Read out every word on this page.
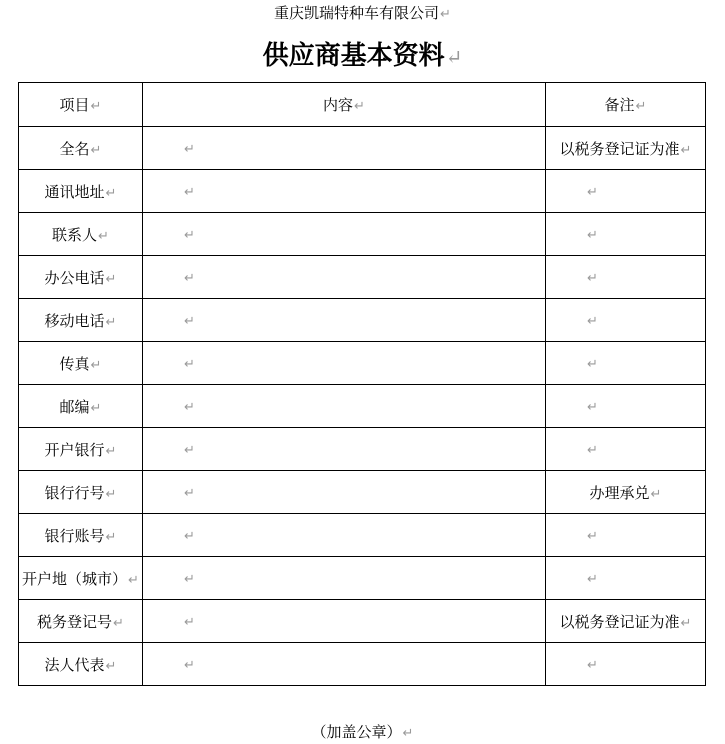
重庆凯瑞特种车有限公司↵
供应商基本资料↵
项目↵	内容↵	备注↵
全名↵	↵	以税务登记证为准↵
通讯地址↵	↵	↵
联系人↵	↵	↵
办公电话↵	↵	↵
移动电话↵	↵	↵
传真↵	↵	↵
邮编↵	↵	↵
开户银行↵	↵	↵
银行行号↵	↵	办理承兑↵
银行账号↵	↵	↵
开户地（城市）↵	↵	↵
税务登记号↵	↵	以税务登记证为准↵
法人代表↵	↵	↵
（加盖公章）↵
